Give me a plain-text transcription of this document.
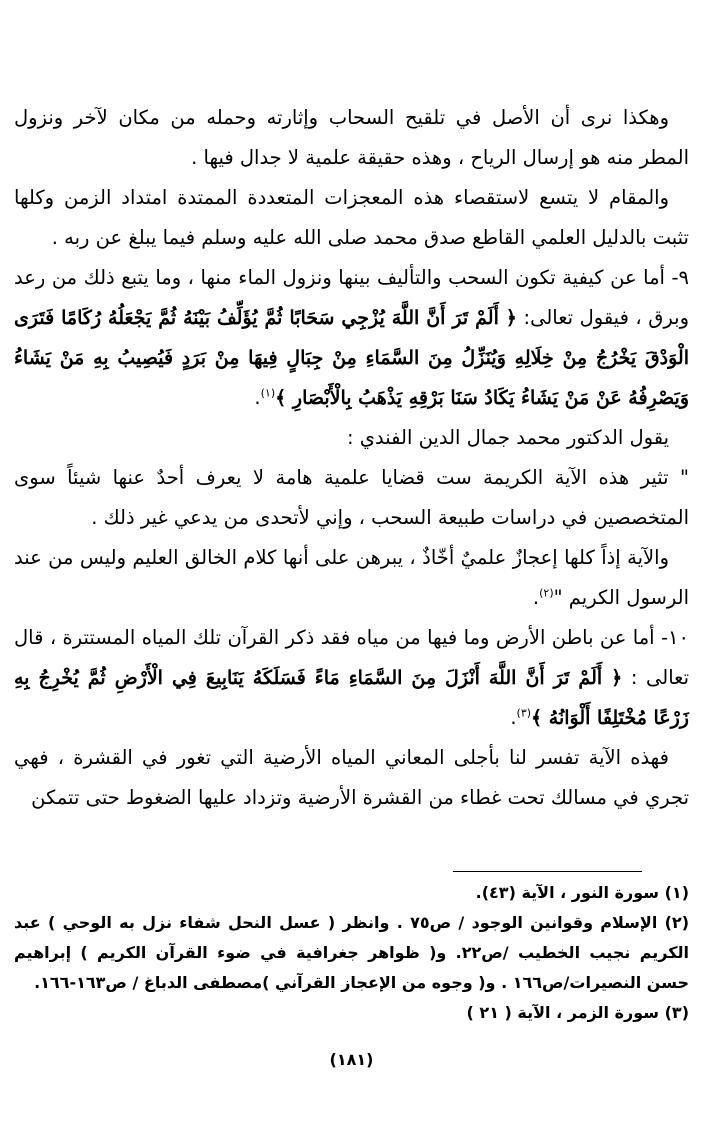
وهكذا نرى أن الأصل في تلقيح السحاب وإثارته وحمله من مكان لآخر ونزول المطر منه هو إرسال الرياح ، وهذه حقيقة علمية لا جدال فيها .

والمقام لا يتسع لاستقصاء هذه المعجزات المتعددة الممتدة امتداد الزمن وكلها تثبت بالدليل العلمي القاطع صدق محمد صلى الله عليه وسلم فيما يبلغ عن ربه .

٩- أما عن كيفية تكون السحب والتأليف بينها ونزول الماء منها ، وما يتبع ذلك من رعد وبرق ، فيقول تعالى: ﴿ أَلَمْ تَرَ أَنَّ اللَّهَ يُزْجِي سَحَابًا ثُمَّ يُؤَلِّفُ بَيْنَهُ ثُمَّ يَجْعَلُهُ رُكَامًا فَتَرَى الْوَدْقَ يَخْرُجُ مِنْ خِلَالِهِ وَيُنَزِّلُ مِنَ السَّمَاءِ مِنْ جِبَالٍ فِيهَا مِنْ بَرَدٍ فَيُصِيبُ بِهِ مَنْ يَشَاءُ وَيَصْرِفُهُ عَنْ مَنْ يَشَاءُ يَكَادُ سَنَا بَرْقِهِ يَذْهَبُ بِالْأَبْصَارِ ﴾$^{(١)}$.

يقول الدكتور محمد جمال الدين الفندي :

" تثير هذه الآية الكريمة ست قضايا علمية هامة لا يعرف أحدٌ عنها شيئاً سوى المتخصصين في دراسات طبيعة السحب ، وإني لأتحدى من يدعي غير ذلك .

والآية إذاً كلها إعجازٌ علميٌ أخّاذٌ ، يبرهن على أنها كلام الخالق العليم وليس من عند الرسول الكريم "$^{(٢)}$.

١٠- أما عن باطن الأرض وما فيها من مياه فقد ذكر القرآن تلك المياه المستترة ، قال تعالى : ﴿ أَلَمْ تَرَ أَنَّ اللَّهَ أَنْزَلَ مِنَ السَّمَاءِ مَاءً فَسَلَكَهُ يَنَابِيعَ فِي الْأَرْضِ ثُمَّ يُخْرِجُ بِهِ زَرْعًا مُخْتَلِفًا أَلْوَانُهُ ﴾$^{(٣)}$.

فهذه الآية تفسر لنا بأجلى المعاني المياه الأرضية التي تغور في القشرة ، فهي تجري في مسالك تحت غطاء من القشرة الأرضية وتزداد عليها الضغوط حتى تتمكن

(١) سورة النور ، الآية (٤٣).

(٢) الإسلام وقوانين الوجود / ص٧٥ . وانظر ( عسل النحل شفاء نزل به الوحي ) عبد الكريم نجيب الخطيب /ص٢٢. و( ظواهر جغرافية في ضوء القرآن الكريم ) إبراهيم حسن النصيرات/ص١٦٦ . و( وجوه من الإعجاز القرآني )مصطفى الدباغ / ص١٦٣-١٦٦.

(٣) سورة الزمر ، الآية ( ٢١ )

(١٨١)
